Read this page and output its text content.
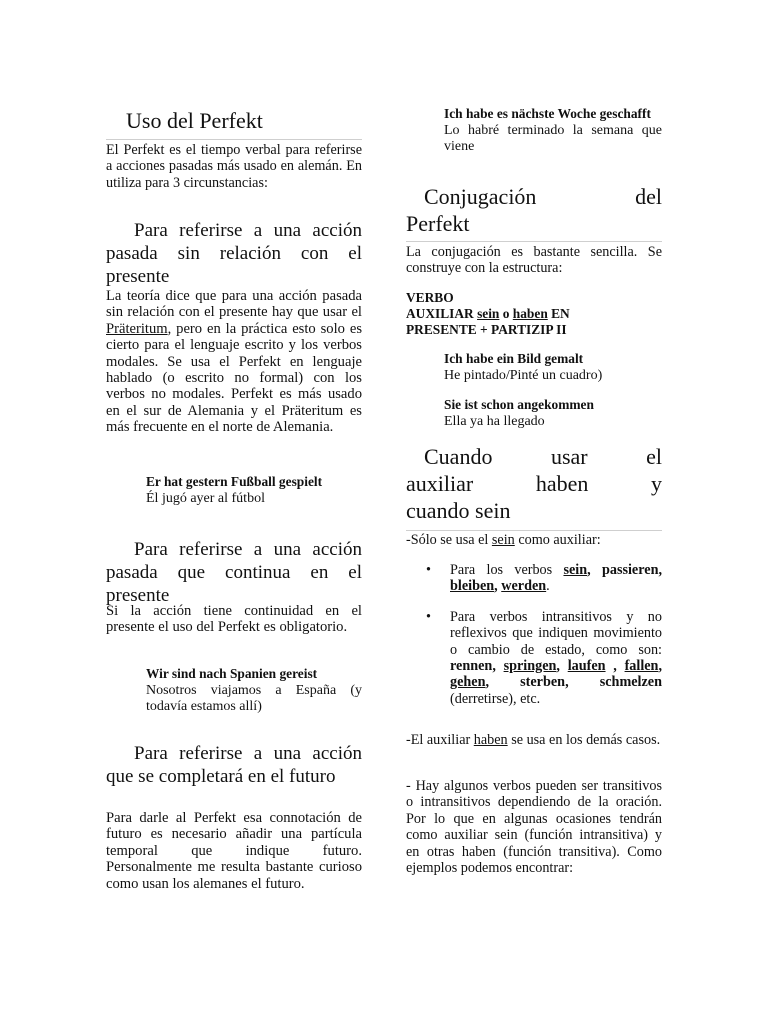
Uso del Perfekt

El Perfekt es el tiempo verbal para referirse a acciones pasadas más usado en alemán. En utiliza para 3 circunstancias:

Para referirse a una acción pasada sin relación con el presente

La teoría dice que para una acción pasada sin relación con el presente hay que usar el Präteritum, pero en la práctica esto solo es cierto para el lenguaje escrito y los verbos modales. Se usa el Perfekt en lenguaje hablado (o escrito no formal) con los verbos no modales. Perfekt es más usado en el sur de Alemania y el Präteritum es más frecuente en el norte de Alemania.

Er hat gestern Fußball gespielt

Él jugó ayer al fútbol

Para referirse a una acción pasada que continua en el presente

Si la acción tiene continuidad en el presente el uso del Perfekt es obligatorio.

Wir sind nach Spanien gereist

Nosotros viajamos a España (y todavía estamos allí)

Para referirse a una acción que se completará en el futuro

Para darle al Perfekt esa connotación de futuro es necesario añadir una partícula temporal que indique futuro. Personalmente me resulta bastante curioso como usan los alemanes el futuro.

Ich habe es nächste Woche geschafft

Lo habré terminado la semana que viene

Conjugación	del
Perfekt

La conjugación es bastante sencilla. Se construye con la estructura:

VERBO
AUXILIAR sein o haben EN
PRESENTE + PARTIZIP II

Ich habe ein Bild gemalt

He pintado/Pinté un cuadro)

Sie ist schon angekommen

Ella ya ha llegado

Cuando	usar	el
auxiliar	haben	y
cuando sein

-Sólo se usa el sein como auxiliar:

• Para los verbos sein, passieren, bleiben, werden.
• Para verbos intransitivos y no reflexivos que indiquen movimiento o cambio de estado, como son: rennen, springen, laufen , fallen, gehen, sterben, schmelzen (derretirse), etc.

-El auxiliar haben se usa en los demás casos.

- Hay algunos verbos pueden ser transitivos o intransitivos dependiendo de la oración. Por lo que en algunas ocasiones tendrán como auxiliar sein (función intransitiva) y en otras haben (función transitiva). Como ejemplos podemos encontrar:
